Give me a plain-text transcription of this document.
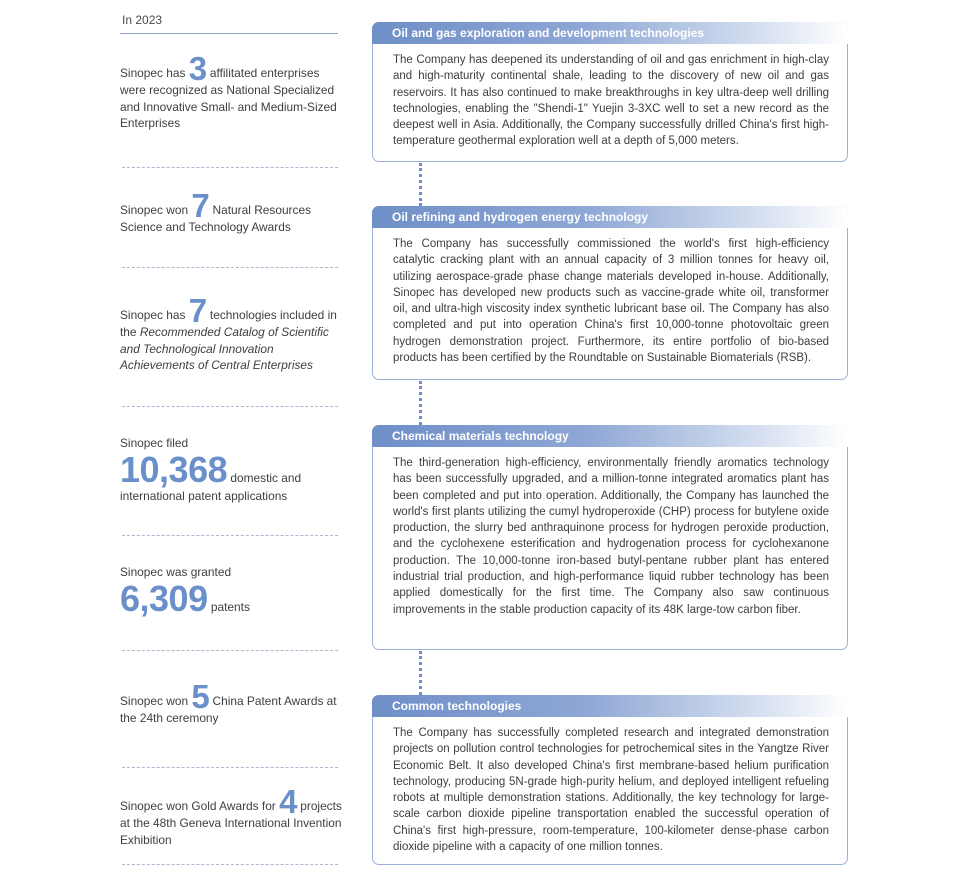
In 2023
Sinopec has 3 affilitated enterprises were recognized as National Specialized and Innovative Small- and Medium-Sized Enterprises
Sinopec won 7 Natural Resources Science and Technology Awards
Sinopec has 7 technologies included in the Recommended Catalog of Scientific and Technological Innovation Achievements of Central Enterprises
Sinopec filed
10,368 domestic and international patent applications
Sinopec was granted
6,309 patents
Sinopec won 5 China Patent Awards at the 24th ceremony
Sinopec won Gold Awards for 4 projects at the 48th Geneva International Invention Exhibition
Oil and gas exploration and development technologies
The Company has deepened its understanding of oil and gas enrichment in high-clay and high-maturity continental shale, leading to the discovery of new oil and gas reservoirs. It has also continued to make breakthroughs in key ultra-deep well drilling technologies, enabling the "Shendi-1" Yuejin 3-3XC well to set a new record as the deepest well in Asia. Additionally, the Company successfully drilled China's first high-temperature geothermal exploration well at a depth of 5,000 meters.
Oil refining and hydrogen energy technology
The Company has successfully commissioned the world's first high-efficiency catalytic cracking plant with an annual capacity of 3 million tonnes for heavy oil, utilizing aerospace-grade phase change materials developed in-house. Additionally, Sinopec has developed new products such as vaccine-grade white oil, transformer oil, and ultra-high viscosity index synthetic lubricant base oil. The Company has also completed and put into operation China's first 10,000-tonne photovoltaic green hydrogen demonstration project. Furthermore, its entire portfolio of bio-based products has been certified by the Roundtable on Sustainable Biomaterials (RSB).
Chemical materials technology
The third-generation high-efficiency, environmentally friendly aromatics technology has been successfully upgraded, and a million-tonne integrated aromatics plant has been completed and put into operation. Additionally, the Company has launched the world's first plants utilizing the cumyl hydroperoxide (CHP) process for butylene oxide production, the slurry bed anthraquinone process for hydrogen peroxide production, and the cyclohexene esterification and hydrogenation process for cyclohexanone production. The 10,000-tonne iron-based butyl-pentane rubber plant has entered industrial trial production, and high-performance liquid rubber technology has been applied domestically for the first time. The Company also saw continuous improvements in the stable production capacity of its 48K large-tow carbon fiber.
Common technologies
The Company has successfully completed research and integrated demonstration projects on pollution control technologies for petrochemical sites in the Yangtze River Economic Belt. It also developed China's first membrane-based helium purification technology, producing 5N-grade high-purity helium, and deployed intelligent refueling robots at multiple demonstration stations. Additionally, the key technology for large-scale carbon dioxide pipeline transportation enabled the successful operation of China's first high-pressure, room-temperature, 100-kilometer dense-phase carbon dioxide pipeline with a capacity of one million tonnes.
